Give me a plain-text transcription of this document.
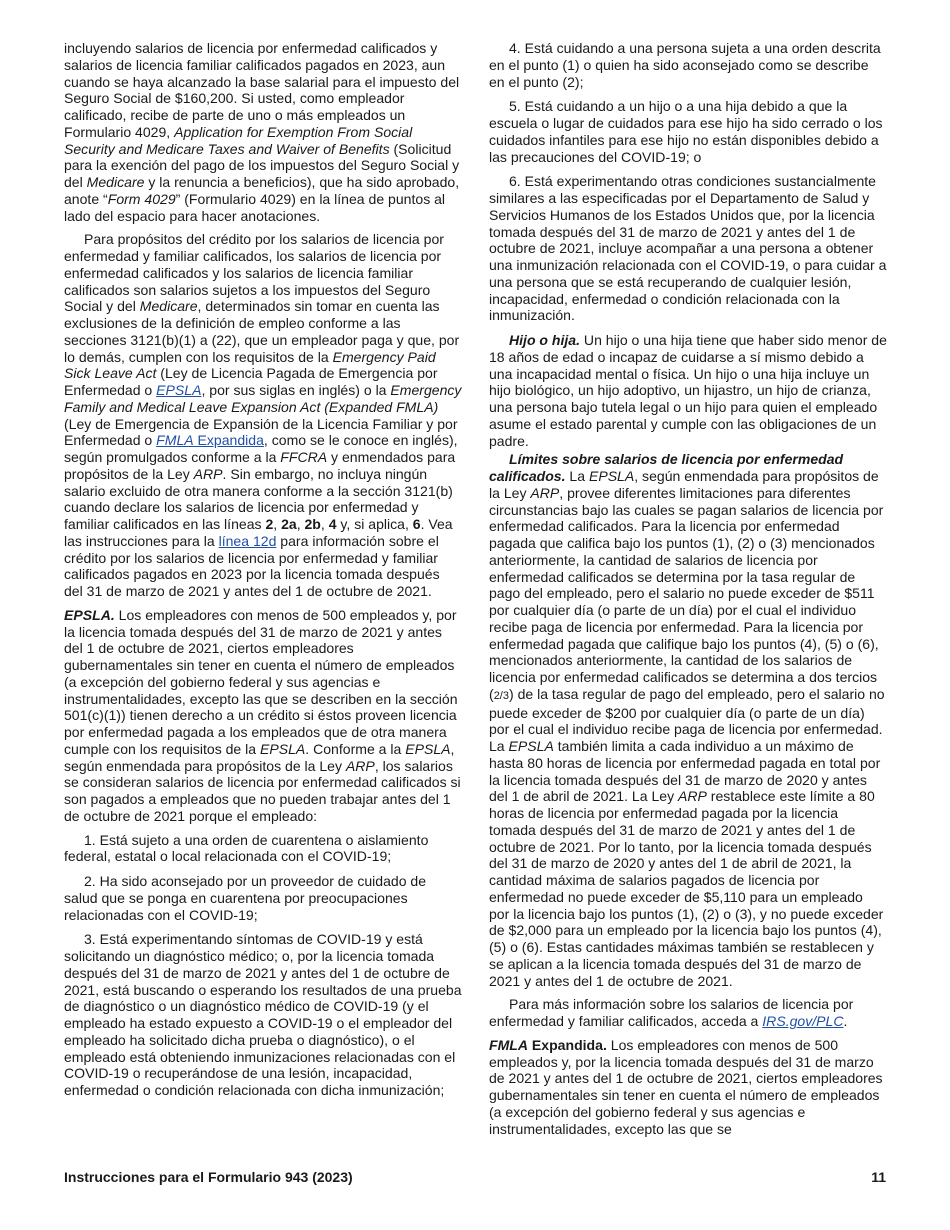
incluyendo salarios de licencia por enfermedad calificados y salarios de licencia familiar calificados pagados en 2023, aun cuando se haya alcanzado la base salarial para el impuesto del Seguro Social de $160,200. Si usted, como empleador calificado, recibe de parte de uno o más empleados un Formulario 4029, Application for Exemption From Social Security and Medicare Taxes and Waiver of Benefits (Solicitud para la exención del pago de los impuestos del Seguro Social y del Medicare y la renuncia a beneficios), que ha sido aprobado, anote “Form 4029” (Formulario 4029) en la línea de puntos al lado del espacio para hacer anotaciones.

Para propósitos del crédito por los salarios de licencia por enfermedad y familiar calificados, los salarios de licencia por enfermedad calificados y los salarios de licencia familiar calificados son salarios sujetos a los impuestos del Seguro Social y del Medicare, determinados sin tomar en cuenta las exclusiones de la definición de empleo conforme a las secciones 3121(b)(1) a (22), que un empleador paga y que, por lo demás, cumplen con los requisitos de la Emergency Paid Sick Leave Act (Ley de Licencia Pagada de Emergencia por Enfermedad o EPSLA, por sus siglas en inglés) o la Emergency Family and Medical Leave Expansion Act (Expanded FMLA) (Ley de Emergencia de Expansión de la Licencia Familiar y por Enfermedad o FMLA Expandida, como se le conoce en inglés), según promulgados conforme a la FFCRA y enmendados para propósitos de la Ley ARP. Sin embargo, no incluya ningún salario excluido de otra manera conforme a la sección 3121(b) cuando declare los salarios de licencia por enfermedad y familiar calificados en las líneas 2, 2a, 2b, 4 y, si aplica, 6. Vea las instrucciones para la línea 12d para información sobre el crédito por los salarios de licencia por enfermedad y familiar calificados pagados en 2023 por la licencia tomada después del 31 de marzo de 2021 y antes del 1 de octubre de 2021.

EPSLA. Los empleadores con menos de 500 empleados y, por la licencia tomada después del 31 de marzo de 2021 y antes del 1 de octubre de 2021, ciertos empleadores gubernamentales sin tener en cuenta el número de empleados (a excepción del gobierno federal y sus agencias e instrumentalidades, excepto las que se describen en la sección 501(c)(1)) tienen derecho a un crédito si éstos proveen licencia por enfermedad pagada a los empleados que de otra manera cumple con los requisitos de la EPSLA. Conforme a la EPSLA, según enmendada para propósitos de la Ley ARP, los salarios se consideran salarios de licencia por enfermedad calificados si son pagados a empleados que no pueden trabajar antes del 1 de octubre de 2021 porque el empleado:

1. Está sujeto a una orden de cuarentena o aislamiento federal, estatal o local relacionada con el COVID-19;

2. Ha sido aconsejado por un proveedor de cuidado de salud que se ponga en cuarentena por preocupaciones relacionadas con el COVID-19;

3. Está experimentando síntomas de COVID-19 y está solicitando un diagnóstico médico; o, por la licencia tomada después del 31 de marzo de 2021 y antes del 1 de octubre de 2021, está buscando o esperando los resultados de una prueba de diagnóstico o un diagnóstico médico de COVID-19 (y el empleado ha estado expuesto a COVID-19 o el empleador del empleado ha solicitado dicha prueba o diagnóstico), o el empleado está obteniendo inmunizaciones relacionadas con el COVID-19 o recuperándose de una lesión, incapacidad, enfermedad o condición relacionada con dicha inmunización;

4. Está cuidando a una persona sujeta a una orden descrita en el punto (1) o quien ha sido aconsejado como se describe en el punto (2);

5. Está cuidando a un hijo o a una hija debido a que la escuela o lugar de cuidados para ese hijo ha sido cerrado o los cuidados infantiles para ese hijo no están disponibles debido a las precauciones del COVID-19; o

6. Está experimentando otras condiciones sustancialmente similares a las especificadas por el Departamento de Salud y Servicios Humanos de los Estados Unidos que, por la licencia tomada después del 31 de marzo de 2021 y antes del 1 de octubre de 2021, incluye acompañar a una persona a obtener una inmunización relacionada con el COVID-19, o para cuidar a una persona que se está recuperando de cualquier lesión, incapacidad, enfermedad o condición relacionada con la inmunización.

Hijo o hija. Un hijo o una hija tiene que haber sido menor de 18 años de edad o incapaz de cuidarse a sí mismo debido a una incapacidad mental o física. Un hijo o una hija incluye un hijo biológico, un hijo adoptivo, un hijastro, un hijo de crianza, una persona bajo tutela legal o un hijo para quien el empleado asume el estado parental y cumple con las obligaciones de un padre.

Límites sobre salarios de licencia por enfermedad calificados. La EPSLA, según enmendada para propósitos de la Ley ARP, provee diferentes limitaciones para diferentes circunstancias bajo las cuales se pagan salarios de licencia por enfermedad calificados. Para la licencia por enfermedad pagada que califica bajo los puntos (1), (2) o (3) mencionados anteriormente, la cantidad de salarios de licencia por enfermedad calificados se determina por la tasa regular de pago del empleado, pero el salario no puede exceder de $511 por cualquier día (o parte de un día) por el cual el individuo recibe paga de licencia por enfermedad. Para la licencia por enfermedad pagada que califique bajo los puntos (4), (5) o (6), mencionados anteriormente, la cantidad de los salarios de licencia por enfermedad calificados se determina a dos tercios (2/3) de la tasa regular de pago del empleado, pero el salario no puede exceder de $200 por cualquier día (o parte de un día) por el cual el individuo recibe paga de licencia por enfermedad. La EPSLA también limita a cada individuo a un máximo de hasta 80 horas de licencia por enfermedad pagada en total por la licencia tomada después del 31 de marzo de 2020 y antes del 1 de abril de 2021. La Ley ARP restablece este límite a 80 horas de licencia por enfermedad pagada por la licencia tomada después del 31 de marzo de 2021 y antes del 1 de octubre de 2021. Por lo tanto, por la licencia tomada después del 31 de marzo de 2020 y antes del 1 de abril de 2021, la cantidad máxima de salarios pagados de licencia por enfermedad no puede exceder de $5,110 para un empleado por la licencia bajo los puntos (1), (2) o (3), y no puede exceder de $2,000 para un empleado por la licencia bajo los puntos (4), (5) o (6). Estas cantidades máximas también se restablecen y se aplican a la licencia tomada después del 31 de marzo de 2021 y antes del 1 de octubre de 2021.

Para más información sobre los salarios de licencia por enfermedad y familiar calificados, acceda a IRS.gov/PLC.

FMLA Expandida. Los empleadores con menos de 500 empleados y, por la licencia tomada después del 31 de marzo de 2021 y antes del 1 de octubre de 2021, ciertos empleadores gubernamentales sin tener en cuenta el número de empleados (a excepción del gobierno federal y sus agencias e instrumentalidades, excepto las que se

Instrucciones para el Formulario 943 (2023)	11
